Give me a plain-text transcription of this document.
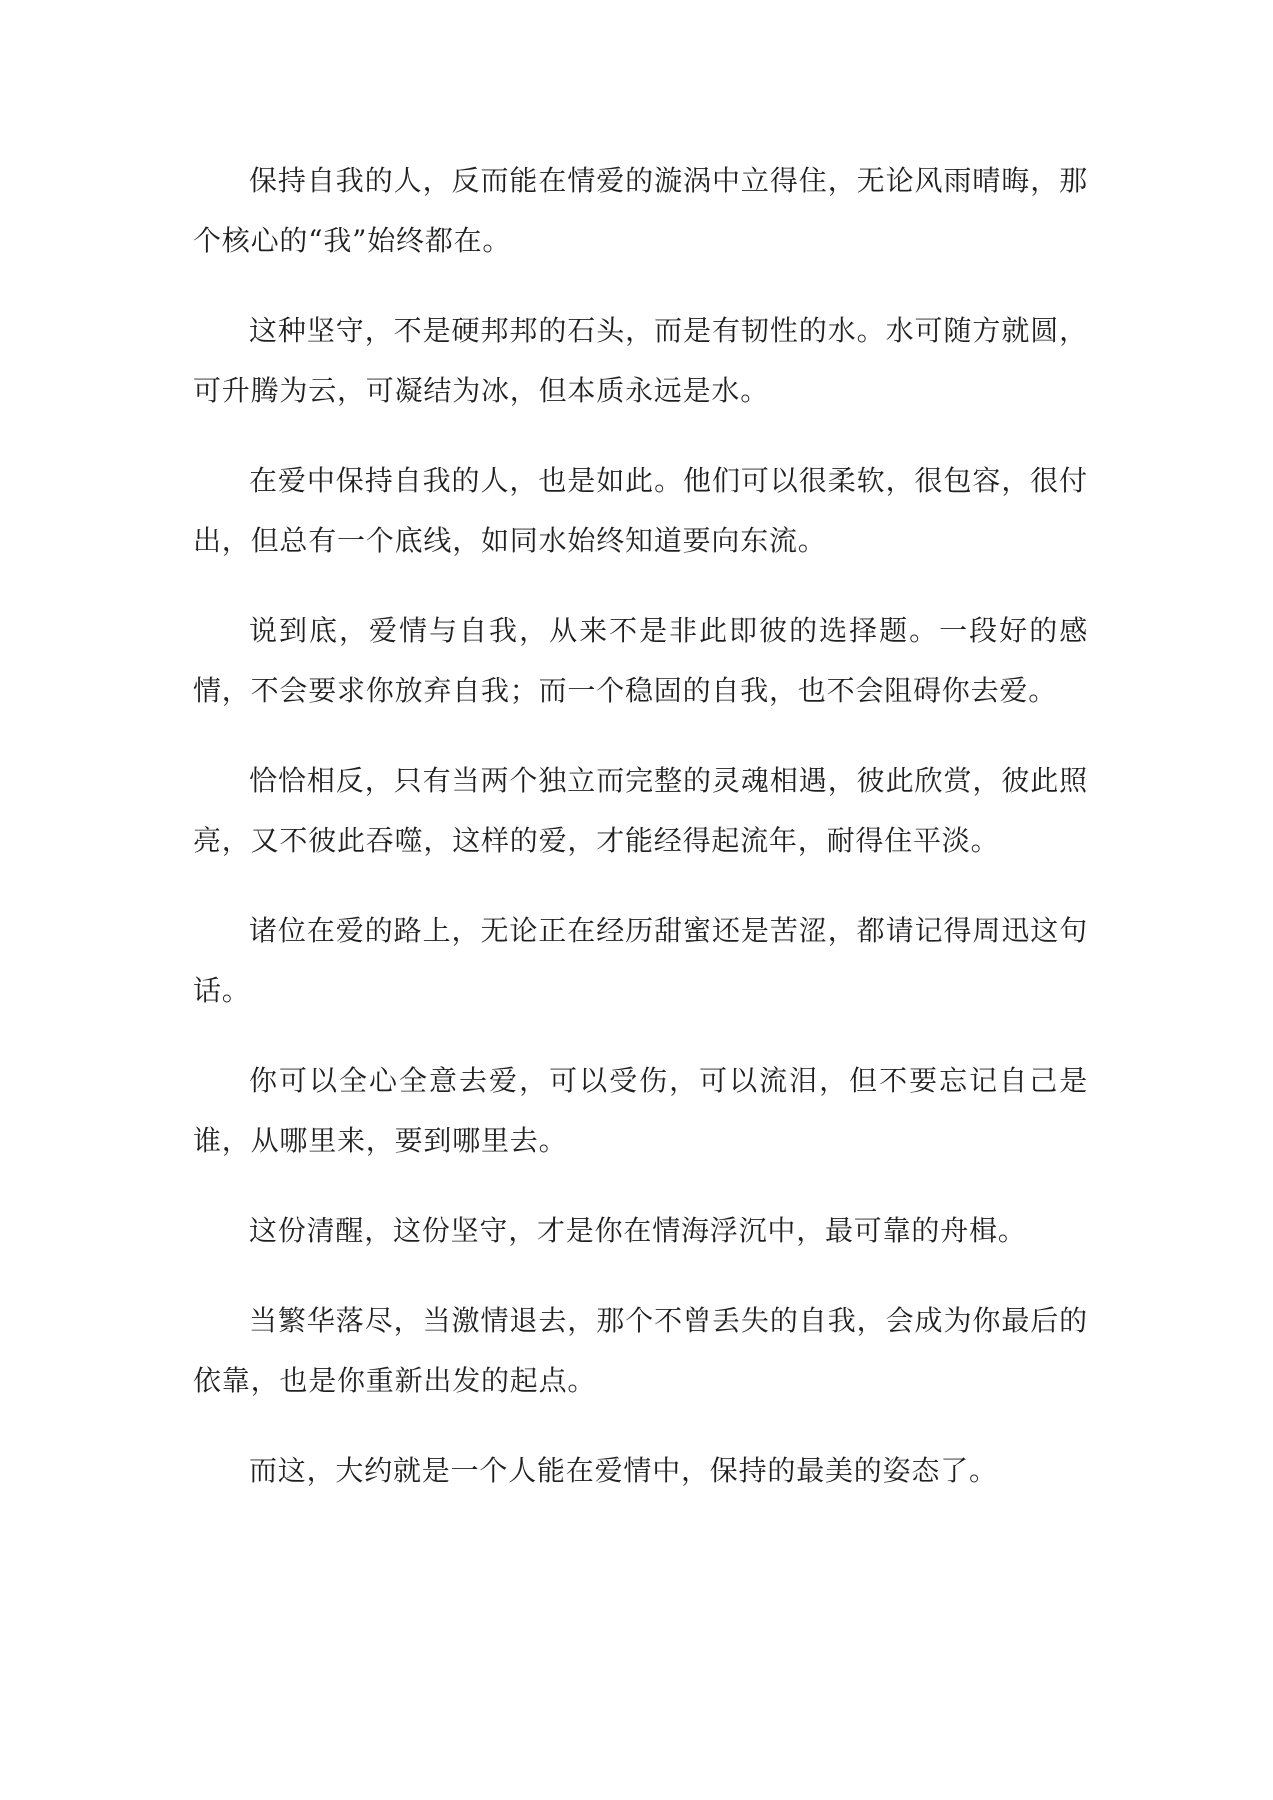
保持自我的人，反而能在情爱的漩涡中立得住，无论风雨晴晦，那个核心的“我”始终都在。

这种坚守，不是硬邦邦的石头，而是有韧性的水。水可随方就圆，可升腾为云，可凝结为冰，但本质永远是水。

在爱中保持自我的人，也是如此。他们可以很柔软，很包容，很付出，但总有一个底线，如同水始终知道要向东流。

说到底，爱情与自我，从来不是非此即彼的选择题。一段好的感情，不会要求你放弃自我；而一个稳固的自我，也不会阻碍你去爱。

恰恰相反，只有当两个独立而完整的灵魂相遇，彼此欣赏，彼此照亮，又不彼此吞噬，这样的爱，才能经得起流年，耐得住平淡。

诸位在爱的路上，无论正在经历甜蜜还是苦涩，都请记得周迅这句话。

你可以全心全意去爱，可以受伤，可以流泪，但不要忘记自己是谁，从哪里来，要到哪里去。

这份清醒，这份坚守，才是你在情海浮沉中，最可靠的舟楫。

当繁华落尽，当激情退去，那个不曾丢失的自我，会成为你最后的依靠，也是你重新出发的起点。

而这，大约就是一个人能在爱情中，保持的最美的姿态了。
